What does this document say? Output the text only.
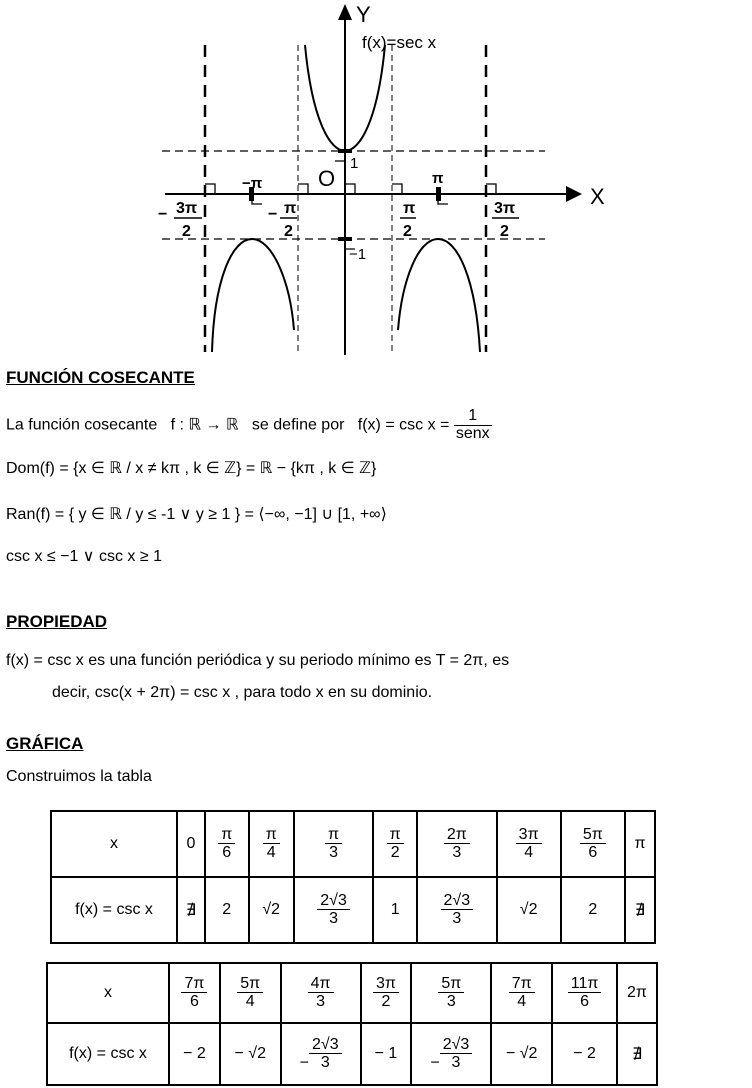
Y
X
f(x)=sec x
O
1
−1
π
−π
− 3π
2
− π
2
π
2
3π
2
FUNCIÓN COSECANTE
La función cosecante f : ℝ → ℝ se define por $f(x) = \csc x = \frac{1}{\text{senx}}$
Dom(f) = {x ∈ ℝ / x ≠ kπ , k ∈ ℤ} = ℝ − {kπ , k ∈ ℤ}
Ran(f) = { y ∈ ℝ / y ≤ -1 ∨ y ≥ 1 } = ⟨−∞, −1] ∪ [1, +∞⟩
csc x ≤ −1 ∨ csc x ≥ 1
PROPIEDAD
f(x) = csc x es una función periódica y su periodo mínimo es T = 2π, es
decir, csc(x + 2π) = csc x , para todo x en su dominio.
GRÁFICA
Construimos la tabla
x	0	$\frac{\pi}{6}$	$\frac{\pi}{4}$	$\frac{\pi}{3}$	$\frac{\pi}{2}$	$\frac{2\pi}{3}$	$\frac{3\pi}{4}$	$\frac{5\pi}{6}$	π
f(x) = csc x	∄	2	√2	$\frac{2√3}{3}$	1	$\frac{2√3}{3}$	√2	2	∄
x	$\frac{7\pi}{6}$	$\frac{5\pi}{4}$	$\frac{4\pi}{3}$	$\frac{3\pi}{2}$	$\frac{5\pi}{3}$	$\frac{7\pi}{4}$	$\frac{11\pi}{6}$	2π
f(x) = csc x	− 2	− √2	− $\frac{2√3}{3}$	− 1	− $\frac{2√3}{3}$	− √2	− 2	∄
